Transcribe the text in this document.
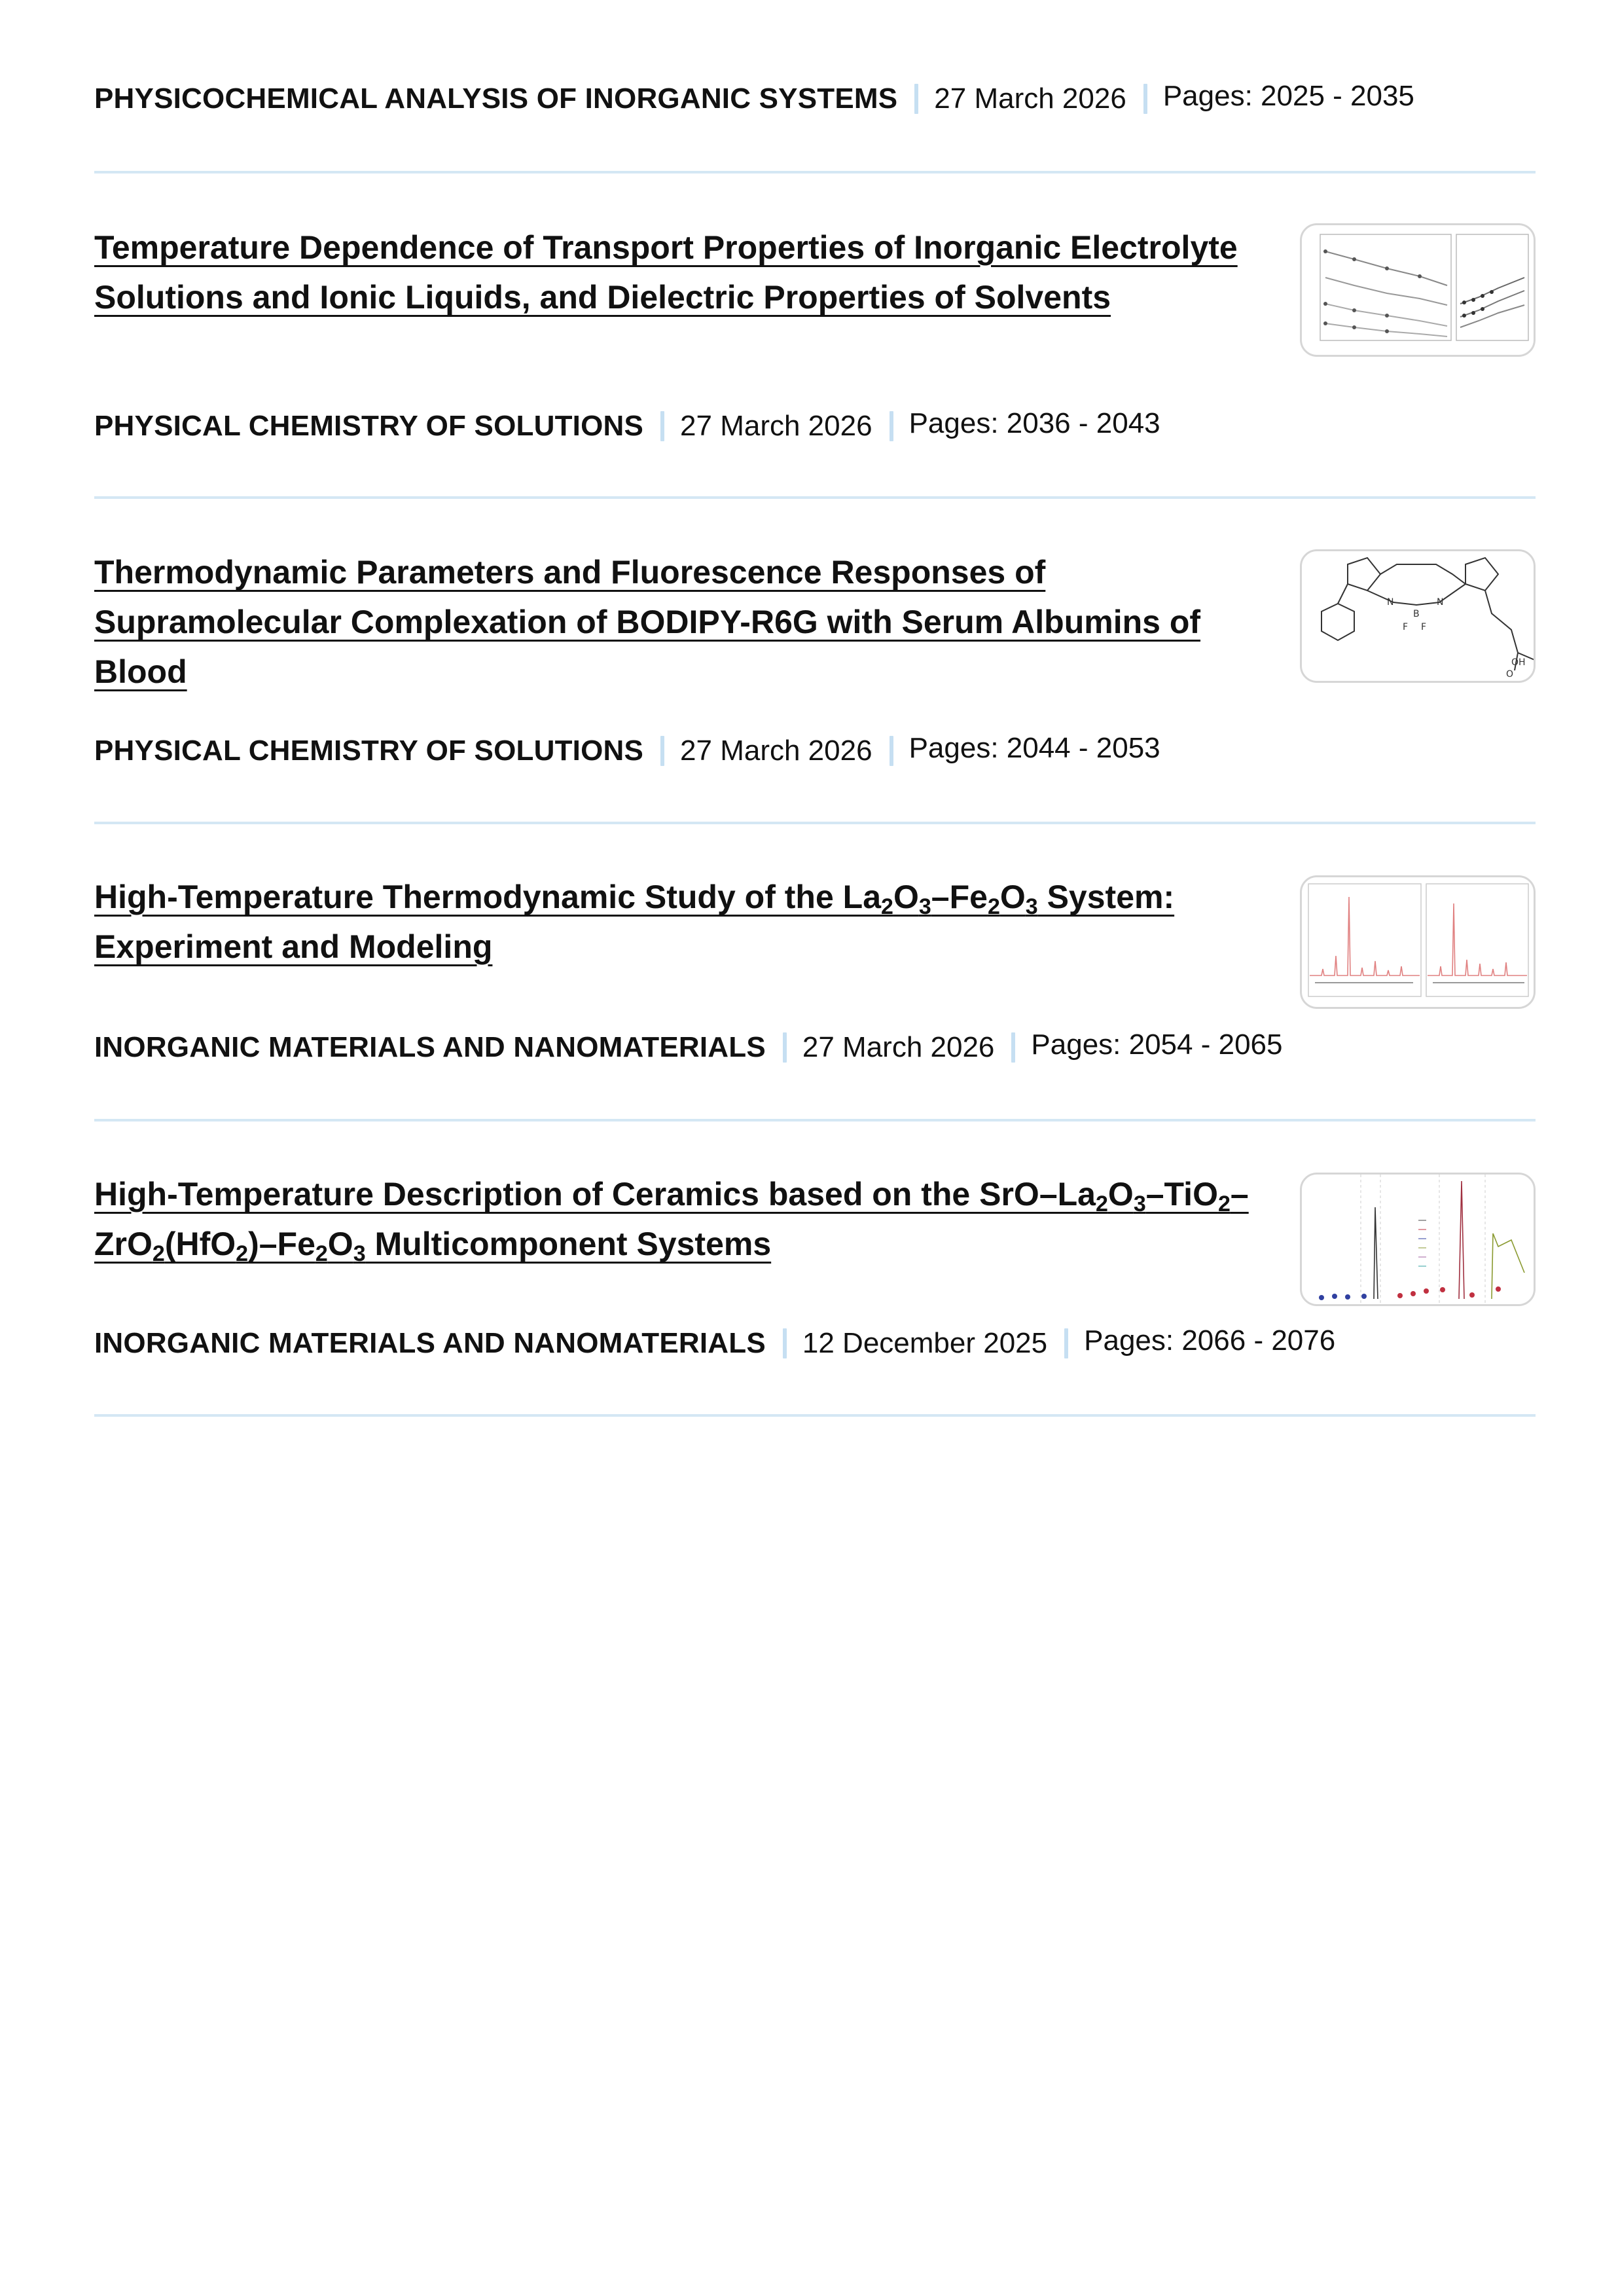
PHYSICOCHEMICAL ANALYSIS OF INORGANIC SYSTEMS 27 March 2026 Pages: 2025 - 2035
Temperature Dependence of Transport Properties of Inorganic Electrolyte Solutions and Ionic Liquids, and Dielectric Properties of Solvents
PHYSICAL CHEMISTRY OF SOLUTIONS 27 March 2026 Pages: 2036 - 2043
Thermodynamic Parameters and Fluorescence Responses of Supramolecular Complexation of BODIPY-R6G with Serum Albumins of Blood
N
B
N
F F
O
OH
PHYSICAL CHEMISTRY OF SOLUTIONS 27 March 2026 Pages: 2044 - 2053
High-Temperature Thermodynamic Study of the $La_2O_3-Fe_2O_3$ System: Experiment and Modeling
INORGANIC MATERIALS AND NANOMATERIALS 27 March 2026 Pages: 2054 - 2065
High-Temperature Description of Ceramics based on the SrO–$La_2O_3-TiO_2-ZrO_2(HfO_2)-Fe_2O_3$ Multicomponent Systems
INORGANIC MATERIALS AND NANOMATERIALS 12 December 2025 Pages: 2066 - 2076
